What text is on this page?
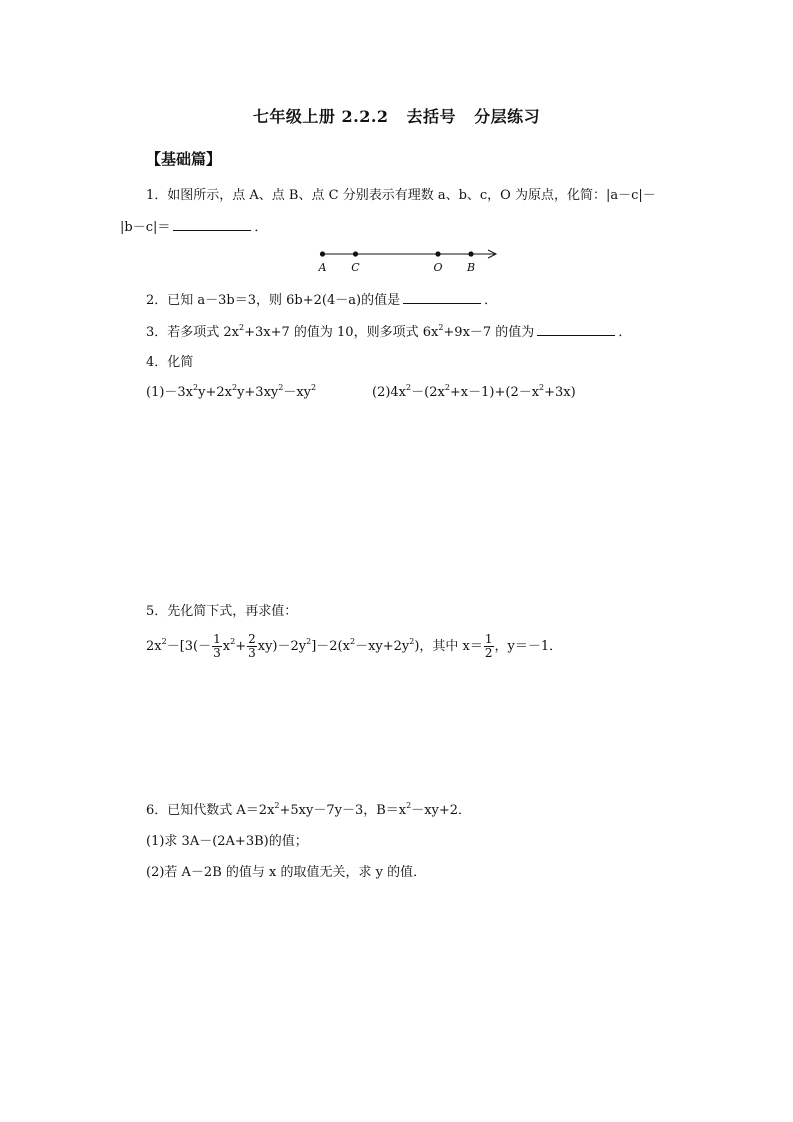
七年级上册 2.2.2 去括号 分层练习
【基础篇】
1．如图所示，点 A、点 B、点 C 分别表示有理数 a、b、c，O 为原点，化简：|a－c|－
|b－c|＝	．
A C	O B
2．已知 a－3b＝3，则 6b+2(4－a)的值是	．
3．若多项式 $2x^2+3x+7$ 的值为 10，则多项式 $6x^2+9x-7$ 的值为	．
4．化简
$(1)-3x^2y+2x^2y+3xy^2-xy^2$	$(2)4x^2-(2x^2+x-1)+(2-x^2+3x)$
5．先化简下式，再求值：
$2x^2-[3(- \frac{1}{3} x^2+ \frac{2}{3} xy)-2y^2]-2(x^2-xy+2y^2)$，其中 $x= \frac{1}{2}$ ，y＝－1．
6．已知代数式 $A=2x^2+5xy-7y-3$，$B=x^2-xy+2$．
(1)求 3A－(2A+3B)的值；
(2)若 A－2B 的值与 x 的取值无关，求 y 的值．
